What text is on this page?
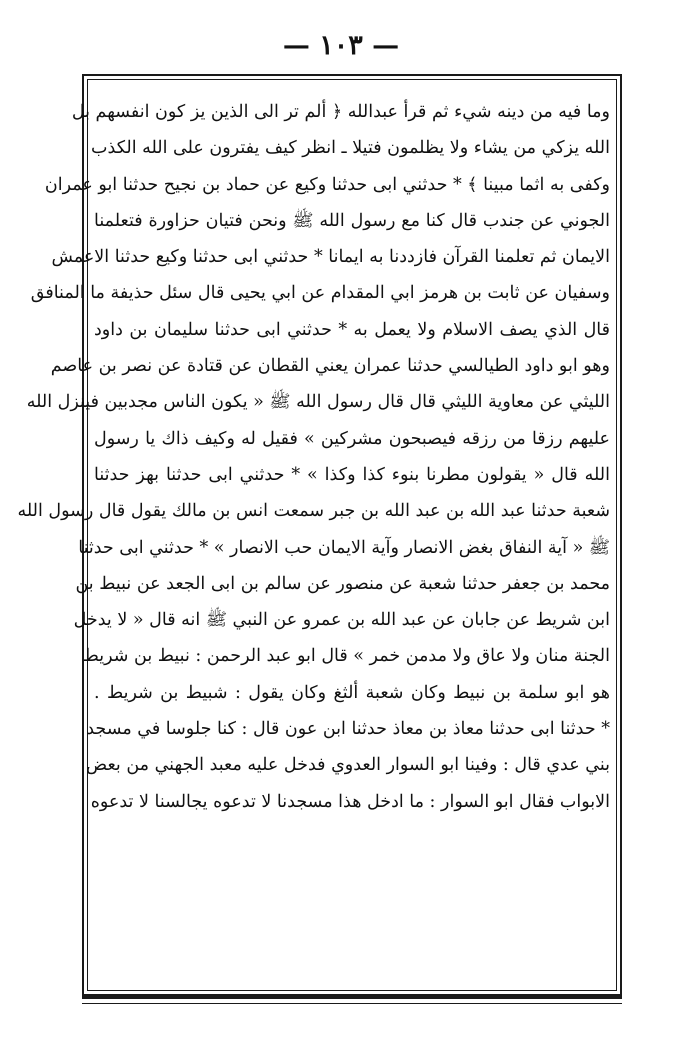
— ١٠٣ —
وما فيه من دينه شيء ثم قرأ عبدالله ﴿ ألم تر الى الذين يز كون انفسهم بل
الله يزكي من يشاء ولا يظلمون فتيلا ـ انظر كيف يفترون على الله الكذب
وكفى به اثما مبينا ﴾ * حدثني ابى حدثنا وكيع عن حماد بن نجيح حدثنا ابو عمران
الجوني عن جندب قال كنا مع رسول الله ﷺ ونحن فتيان حزاورة فتعلمنا
الايمان ثم تعلمنا القرآن فازددنا به ايمانا * حدثني ابى حدثنا وكيع حدثنا الاعمش
وسفيان عن ثابت بن هرمز ابي المقدام عن ابي يحيى قال سئل حذيفة ما المنافق
قال الذي يصف الاسلام ولا يعمل به * حدثني ابى حدثنا سليمان بن داود
وهو ابو داود الطيالسي حدثنا عمران يعني القطان عن قتادة عن نصر بن عاصم
الليثي عن معاوية الليثي قال قال رسول الله ﷺ « يكون الناس مجدبين فينزل الله
عليهم رزقا من رزقه فيصبحون مشركين » فقيل له وكيف ذاك يا رسول
الله قال « يقولون مطرنا بنوء كذا وكذا » * حدثني ابى حدثنا بهز حدثنا
شعبة حدثنا عبد الله بن عبد الله بن جبر سمعت انس بن مالك يقول قال رسول الله
ﷺ « آية النفاق بغض الانصار وآية الايمان حب الانصار » * حدثني ابى حدثنا
محمد بن جعفر حدثنا شعبة عن منصور عن سالم بن ابى الجعد عن نبيط بن
ابن شريط عن جابان عن عبد الله بن عمرو عن النبي ﷺ انه قال « لا يدخل
الجنة منان ولا عاق ولا مدمن خمر » قال ابو عبد الرحمن : نبيط بن شريط
هو ابو سلمة بن نبيط وكان شعبة ألثغ وكان يقول : شبيط بن شريط .
* حدثنا ابى حدثنا معاذ بن معاذ حدثنا ابن عون قال : كنا جلوسا في مسجد
بني عدي قال : وفينا ابو السوار العدوي فدخل عليه معبد الجهني من بعض
الابواب فقال ابو السوار : ما ادخل هذا مسجدنا لا تدعوه يجالسنا لا تدعوه
